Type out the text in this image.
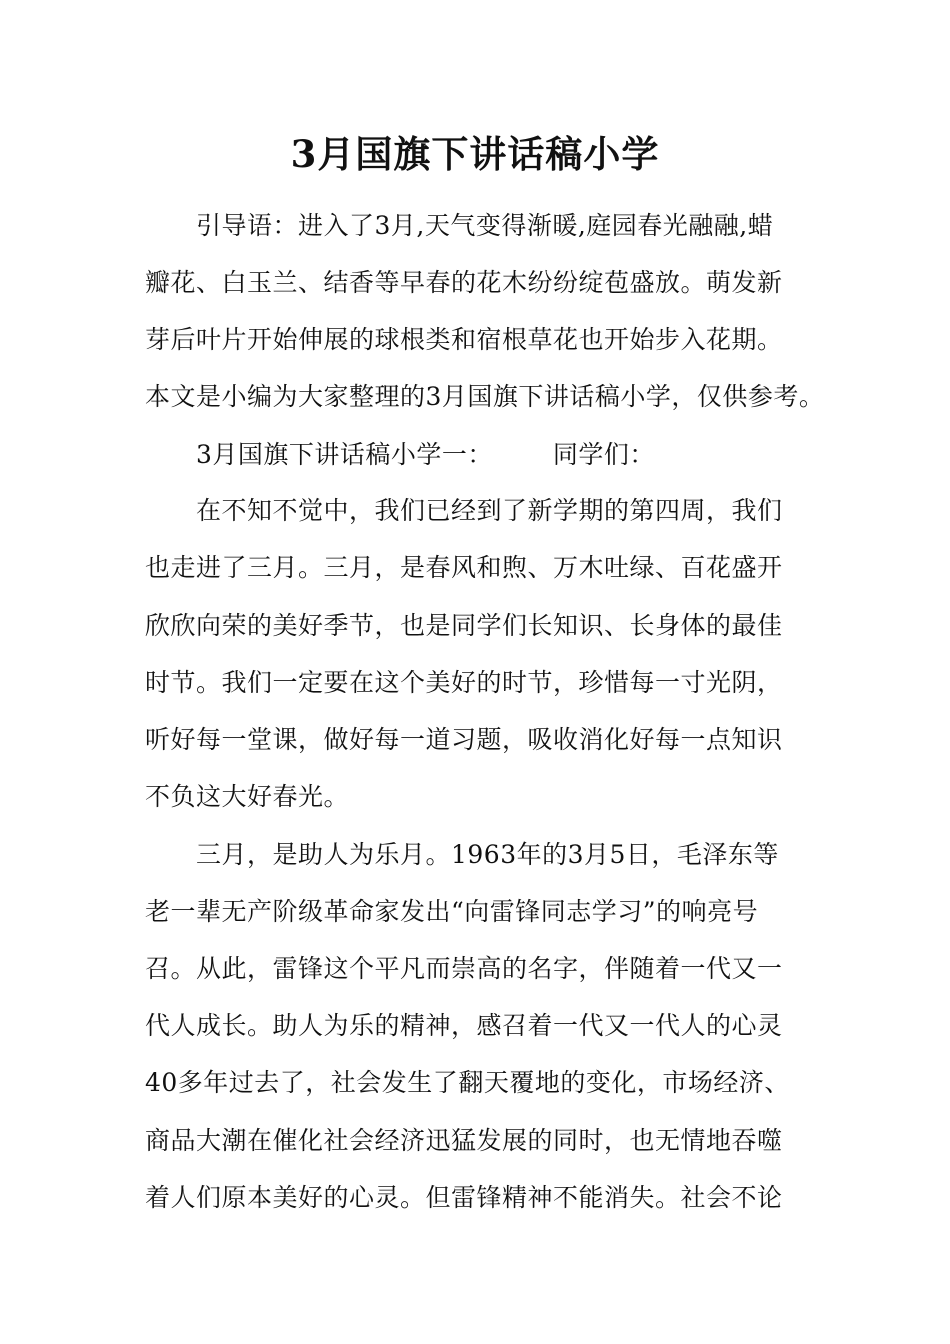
3月国旗下讲话稿小学
引导语：进入了3月,天气变得渐暖,庭园春光融融,蜡
瓣花、白玉兰、结香等早春的花木纷纷绽苞盛放。萌发新
芽后叶片开始伸展的球根类和宿根草花也开始步入花期。
本文是小编为大家整理的3月国旗下讲话稿小学，仅供参考。
3月国旗下讲话稿小学一： 同学们：
在不知不觉中，我们已经到了新学期的第四周，我们
也走进了三月。三月，是春风和煦、万木吐绿、百花盛开
欣欣向荣的美好季节，也是同学们长知识、长身体的最佳
时节。我们一定要在这个美好的时节，珍惜每一寸光阴，
听好每一堂课，做好每一道习题，吸收消化好每一点知识
不负这大好春光。
三月，是助人为乐月。1963年的3月5日，毛泽东等
老一辈无产阶级革命家发出“向雷锋同志学习”的响亮号
召。从此，雷锋这个平凡而崇高的名字，伴随着一代又一
代人成长。助人为乐的精神，感召着一代又一代人的心灵
40多年过去了，社会发生了翻天覆地的变化，市场经济、
商品大潮在催化社会经济迅猛发展的同时，也无情地吞噬
着人们原本美好的心灵。但雷锋精神不能消失。社会不论
